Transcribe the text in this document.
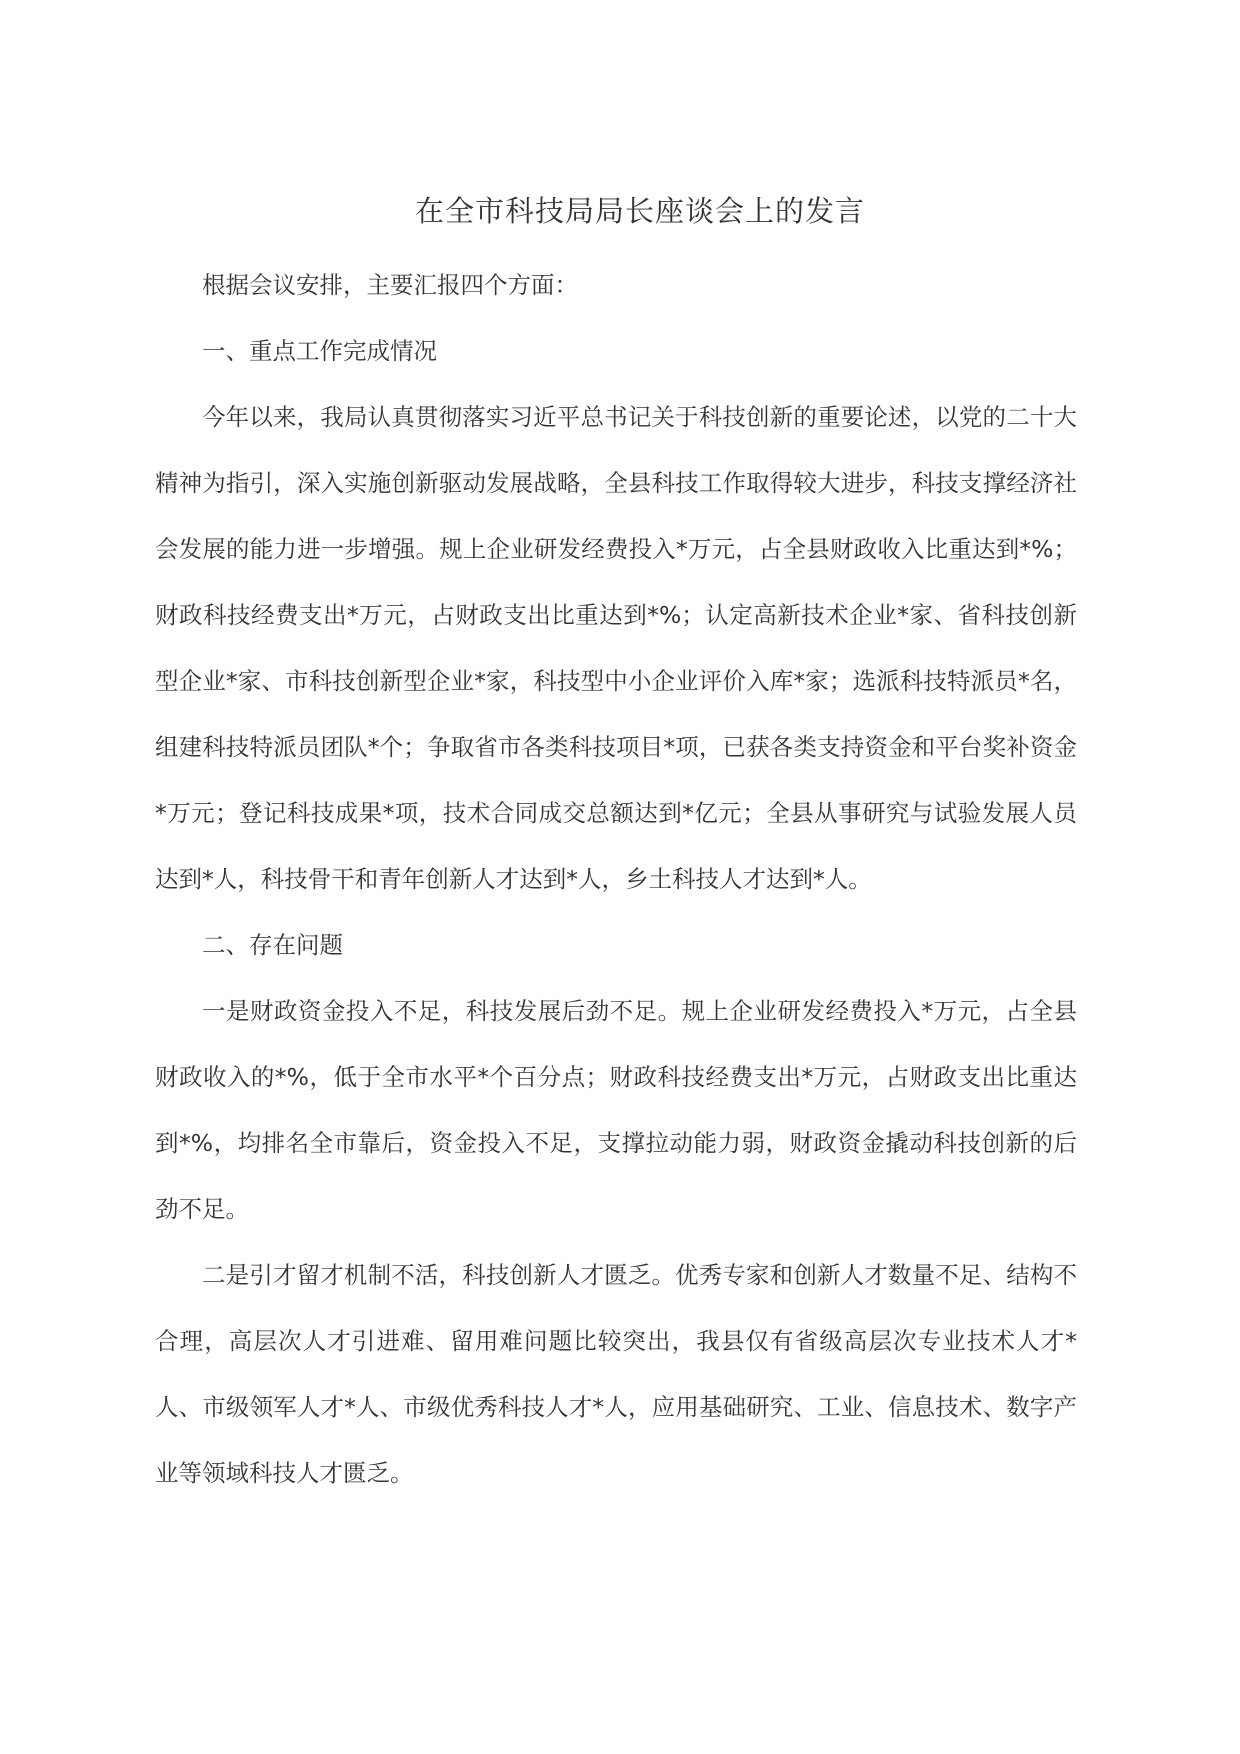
在全市科技局局长座谈会上的发言

根据会议安排，主要汇报四个方面：

一、重点工作完成情况

今年以来，我局认真贯彻落实习近平总书记关于科技创新的重要论述，以党的二十大精神为指引，深入实施创新驱动发展战略，全县科技工作取得较大进步，科技支撑经济社会发展的能力进一步增强。规上企业研发经费投入*万元，占全县财政收入比重达到*%；财政科技经费支出*万元，占财政支出比重达到*%；认定高新技术企业*家、省科技创新型企业*家、市科技创新型企业*家，科技型中小企业评价入库*家；选派科技特派员*名，组建科技特派员团队*个；争取省市各类科技项目*项，已获各类支持资金和平台奖补资金*万元；登记科技成果*项，技术合同成交总额达到*亿元；全县从事研究与试验发展人员达到*人，科技骨干和青年创新人才达到*人，乡土科技人才达到*人。

二、存在问题

一是财政资金投入不足，科技发展后劲不足。规上企业研发经费投入*万元，占全县财政收入的*%，低于全市水平*个百分点；财政科技经费支出*万元，占财政支出比重达到*%，均排名全市靠后，资金投入不足，支撑拉动能力弱，财政资金撬动科技创新的后劲不足。

二是引才留才机制不活，科技创新人才匮乏。优秀专家和创新人才数量不足、结构不合理，高层次人才引进难、留用难问题比较突出，我县仅有省级高层次专业技术人才*人、市级领军人才*人、市级优秀科技人才*人，应用基础研究、工业、信息技术、数字产业等领域科技人才匮乏。
